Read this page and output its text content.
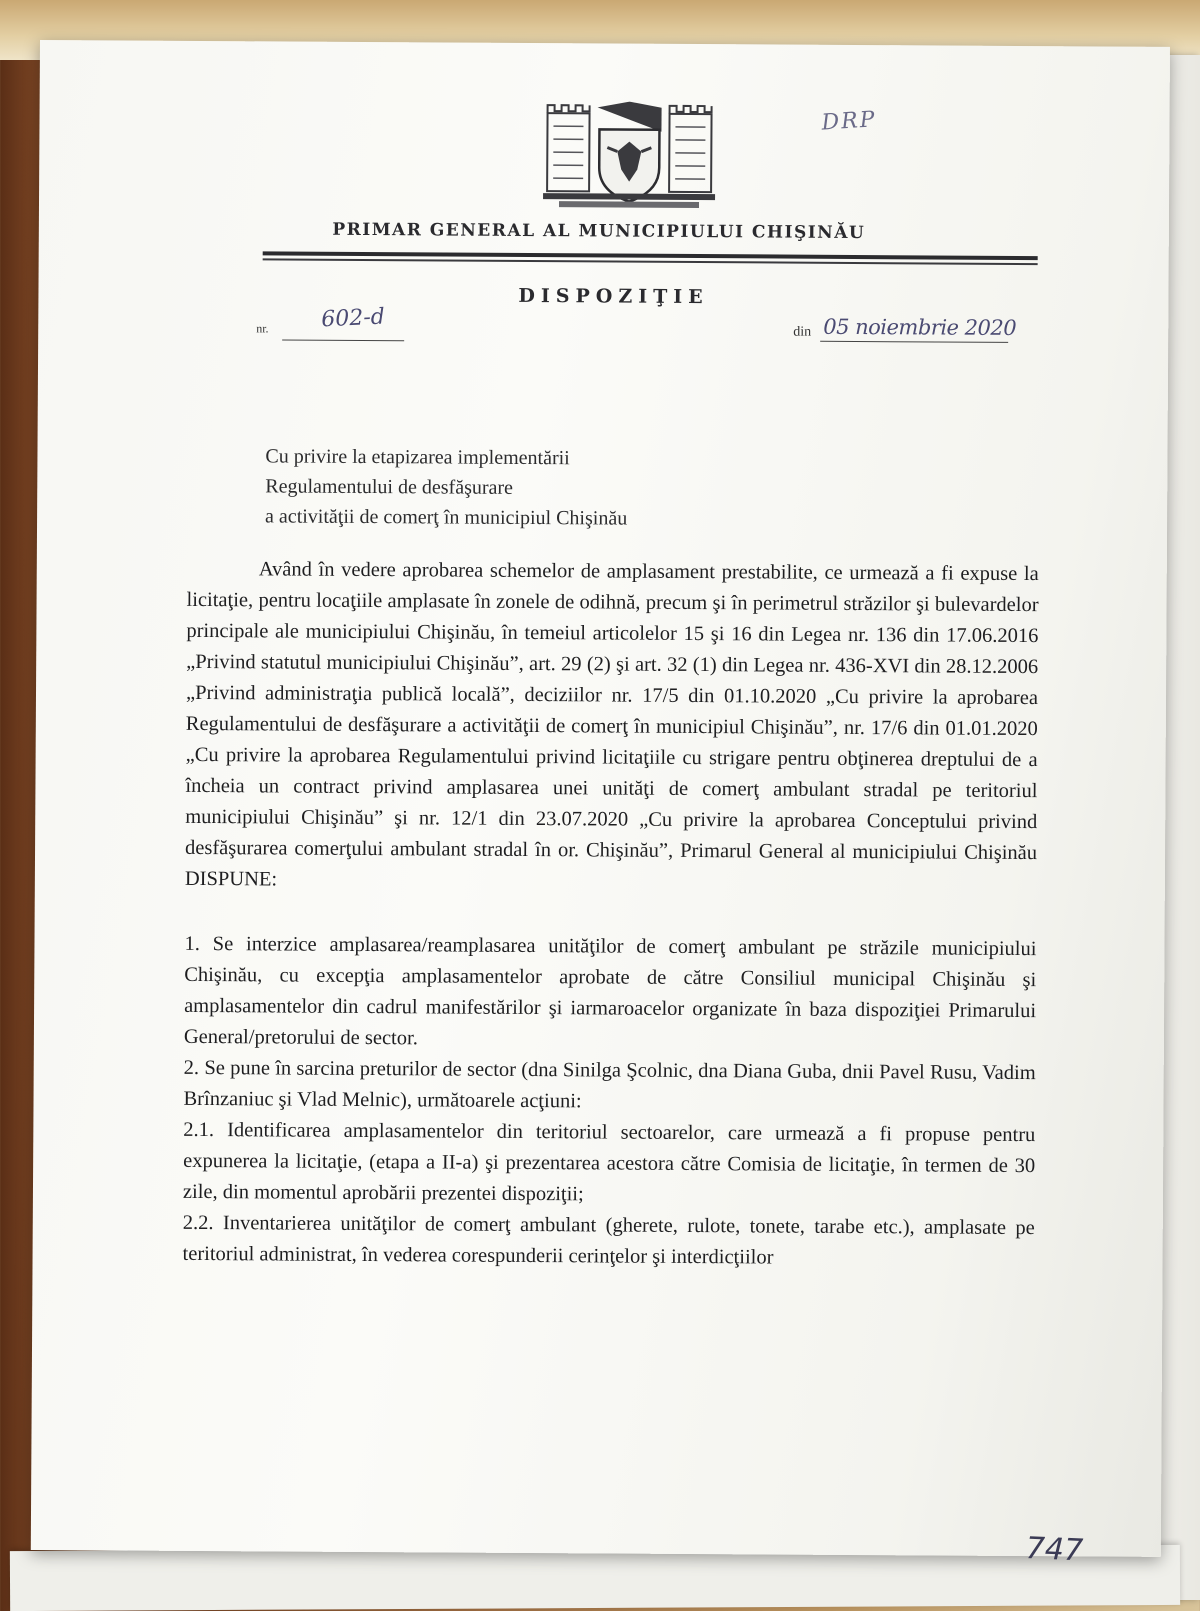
DRP
PRIMAR GENERAL AL MUNICIPIULUI CHIŞINĂU
DISPOZIŢIE
nr. 602-d	din 05 noiembrie 2020
Cu privire la etapizarea implementării
Regulamentului de desfăşurare
a activităţii de comerţ în municipiul Chişinău

Având în vedere aprobarea schemelor de amplasament prestabilite, ce urmează a fi expuse la licitaţie, pentru locaţiile amplasate în zonele de odihnă, precum şi în perimetrul străzilor şi bulevardelor principale ale municipiului Chişinău, în temeiul articolelor 15 şi 16 din Legea nr. 136 din 17.06.2016 „Privind statutul municipiului Chişinău”, art. 29 (2) şi art. 32 (1) din Legea nr. 436-XVI din 28.12.2006 „Privind administraţia publică locală”, deciziilor nr. 17/5 din 01.10.2020 „Cu privire la aprobarea Regulamentului de desfăşurare a activităţii de comerţ în municipiul Chişinău”, nr. 17/6 din 01.01.2020 „Cu privire la aprobarea Regulamentului privind licitaţiile cu strigare pentru obţinerea dreptului de a încheia un contract privind amplasarea unei unităţi de comerţ ambulant stradal pe teritoriul municipiului Chişinău” şi nr. 12/1 din 23.07.2020 „Cu privire la aprobarea Conceptului privind desfăşurarea comerţului ambulant stradal în or. Chişinău”, Primarul General al municipiului Chişinău DISPUNE:

1. Se interzice amplasarea/reamplasarea unităţilor de comerţ ambulant pe străzile municipiului Chişinău, cu excepţia amplasamentelor aprobate de către Consiliul municipal Chişinău şi amplasamentelor din cadrul manifestărilor şi iarmaroacelor organizate în baza dispoziţiei Primarului General/pretorului de sector.

2. Se pune în sarcina preturilor de sector (dna Sinilga Şcolnic, dna Diana Guba, dnii Pavel Rusu, Vadim Brînzaniuc şi Vlad Melnic), următoarele acţiuni:

2.1. Identificarea amplasamentelor din teritoriul sectoarelor, care urmează a fi propuse pentru expunerea la licitaţie, (etapa a II-a) şi prezentarea acestora către Comisia de licitaţie, în termen de 30 zile, din momentul aprobării prezentei dispoziţii;

2.2. Inventarierea unităţilor de comerţ ambulant (gherete, rulote, tonete, tarabe etc.), amplasate pe teritoriul administrat, în vederea corespunderii cerinţelor şi interdicţiilor

747
